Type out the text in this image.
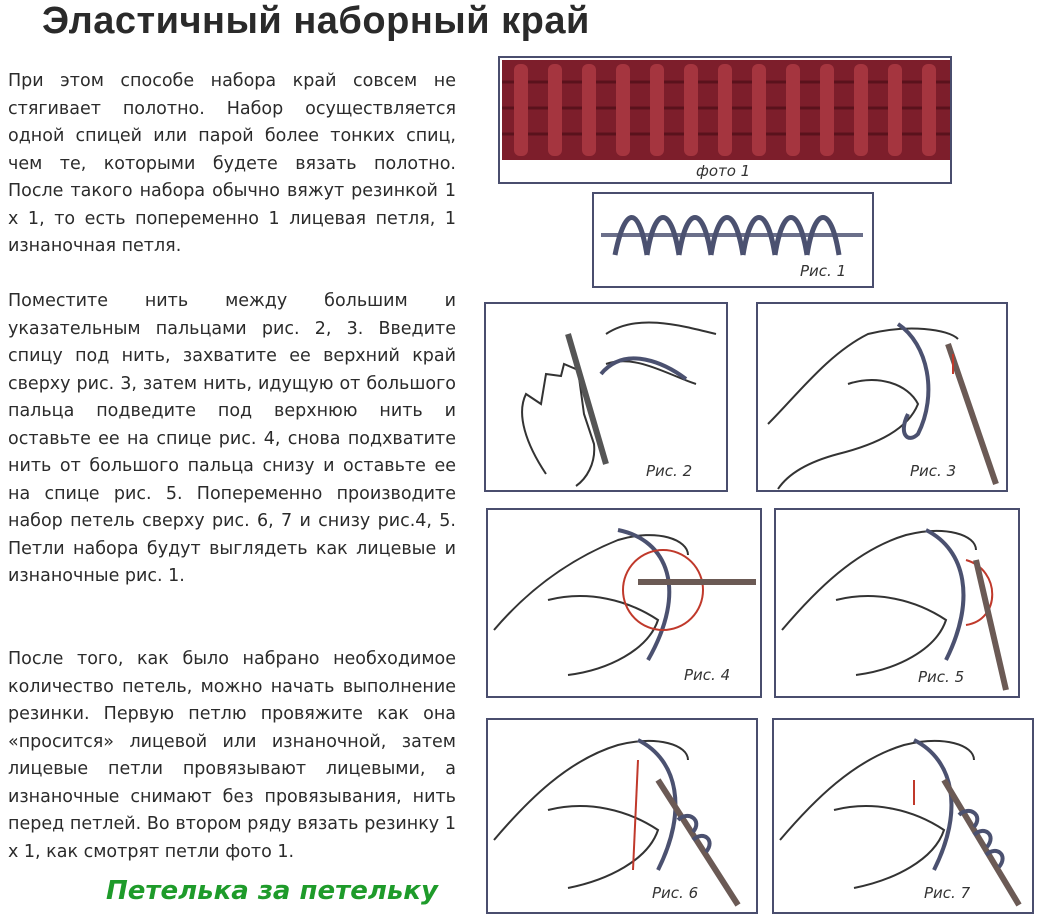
Эластичный наборный край

При этом способе набора край совсем не стягивает полотно. Набор осуществляется одной спицей или парой более тонких спиц, чем те, которыми будете вязать полотно. После такого набора обычно вяжут резинкой 1 х 1, то есть попеременно 1 лицевая петля, 1 изнаночная петля.

Поместите нить между большим и указательным пальцами рис. 2, 3. Введите спицу под нить, захватите ее верхний край сверху рис. 3, затем нить, идущую от большого пальца подведите под верхнюю нить и оставьте ее на спице рис. 4, снова подхватите нить от большого пальца снизу и оставьте ее на спице рис. 5. Попеременно производите набор петель сверху рис. 6, 7 и снизу рис.4, 5. Петли набора будут выглядеть как лицевые и изнаночные рис. 1.

После того, как было набрано необходимое количество петель, можно начать выполнение резинки. Первую петлю провяжите как она «просится» лицевой или изнаночной, затем лицевые петли провязывают лицевыми, а изнаночные снимают без провязывания, нить перед петлей. Во втором ряду вязать резинку 1 х 1, как смотрят петли фото 1.

Петелька за петельку
фото 1
Рис. 1
Рис. 2	Рис. 3
Рис. 4	Рис. 5
Рис. 6	Рис. 7
